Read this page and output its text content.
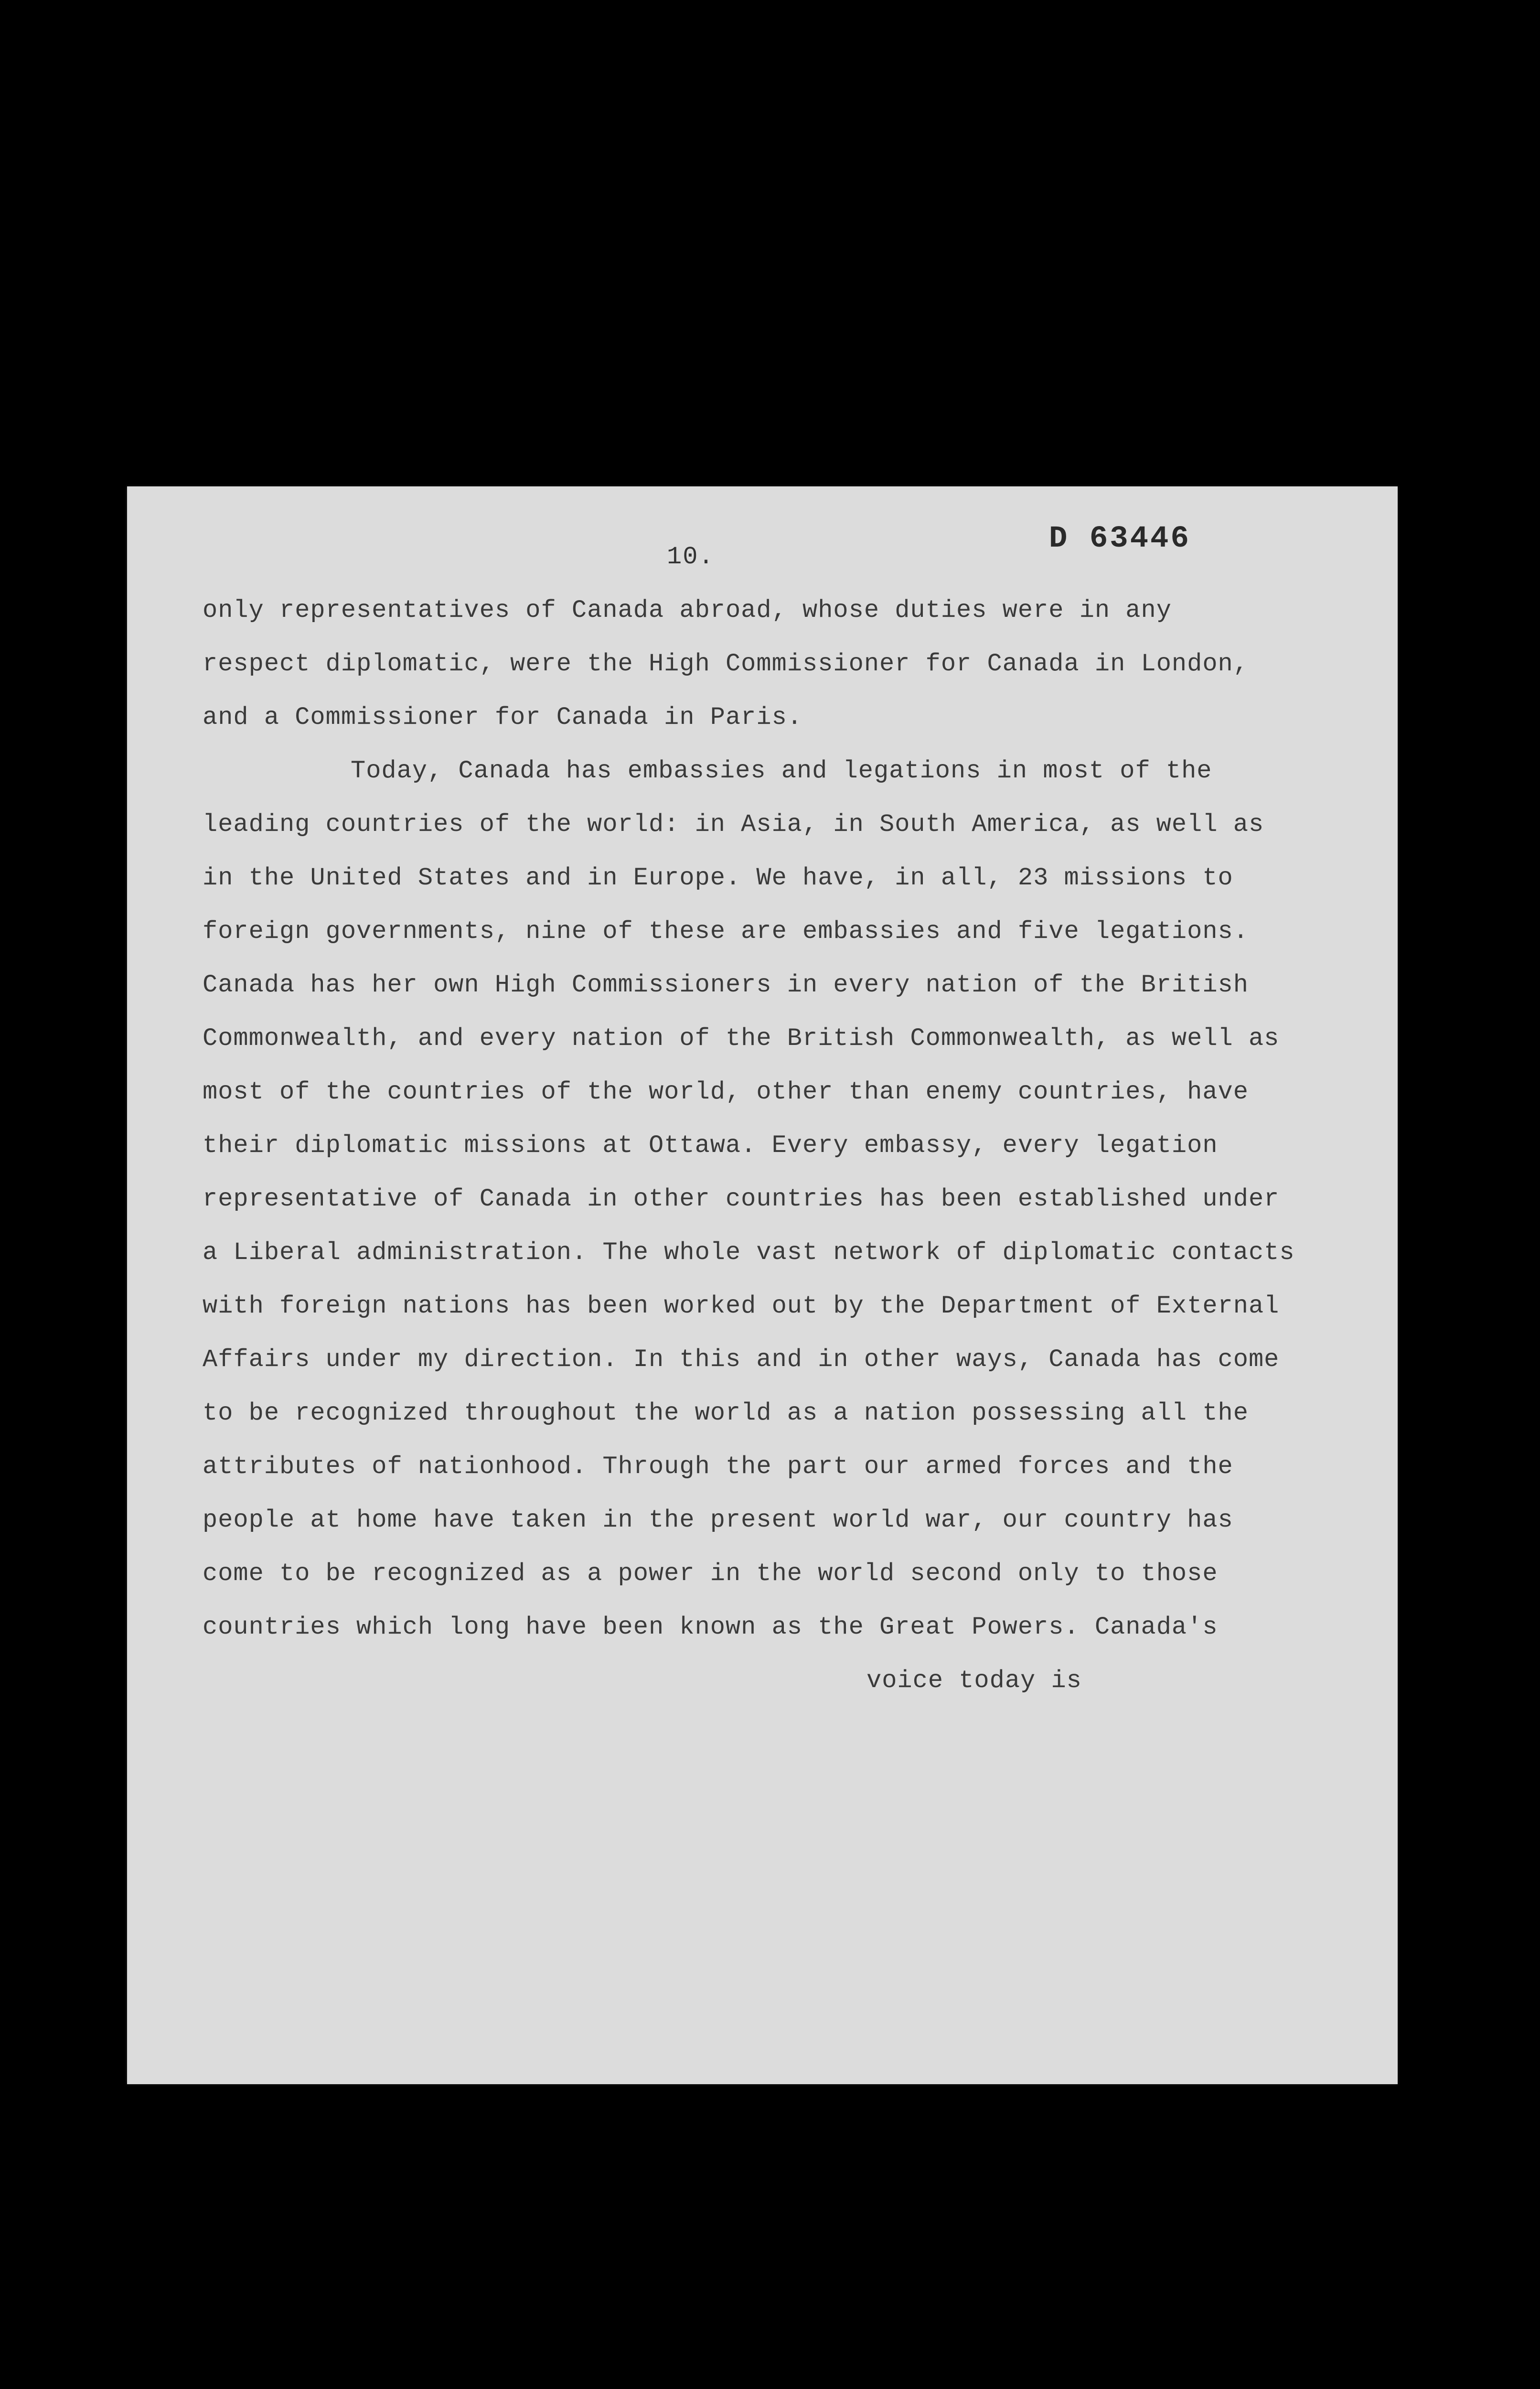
10.
D 63446
only representatives of Canada abroad, whose duties were in any
respect diplomatic, were the High Commissioner for Canada in London,
and a Commissioner for Canada in Paris.
Today, Canada has embassies and legations in most of the
leading countries of the world: in Asia, in South America, as well as
in the United States and in Europe. We have, in all, 23 missions to
foreign governments, nine of these are embassies and five legations.
Canada has her own High Commissioners in every nation of the British
Commonwealth, and every nation of the British Commonwealth, as well as
most of the countries of the world, other than enemy countries, have
their diplomatic missions at Ottawa. Every embassy, every legation
representative of Canada in other countries has been established under
a Liberal administration. The whole vast network of diplomatic contacts
with foreign nations has been worked out by the Department of External
Affairs under my direction. In this and in other ways, Canada has come
to be recognized throughout the world as a nation possessing all the
attributes of nationhood. Through the part our armed forces and the
people at home have taken in the present world war, our country has
come to be recognized as a power in the world second only to those
countries which long have been known as the Great Powers. Canada's
voice today is
